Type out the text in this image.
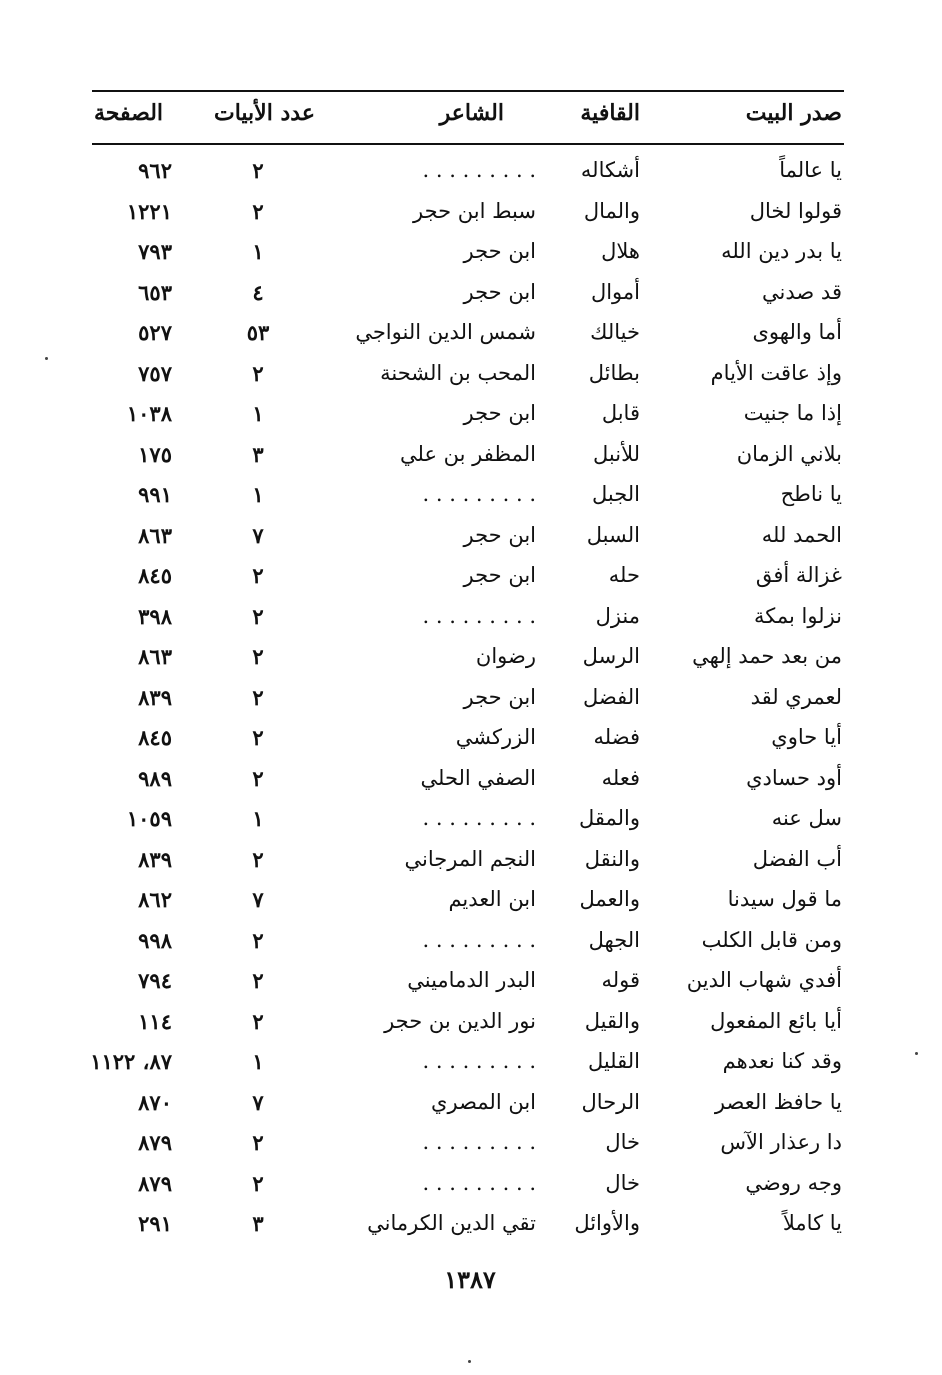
صدر البيت
القافية
الشاعر
عدد الأبيات
الصفحة
يا عالماً
أشكاله
. . . . . . . . .
٢
٩٦٢
قولوا لخال
والمال
سبط ابن حجر
٢
١٢٢١
يا بدر دين الله
هلال
ابن حجر
١
٧٩٣
قد صدني
أموال
ابن حجر
٤
٦٥٣
أما والهوى
خيالك
شمس الدين النواجي
٥٣
٥٢٧
وإذ عاقت الأيام
بطائل
المحب بن الشحنة
٢
٧٥٧
إذا ما جنيت
قابل
ابن حجر
١
١٠٣٨
بلاني الزمان
للأنبل
المظفر بن علي
٣
١٧٥
يا ناطح
الجبل
. . . . . . . . .
١
٩٩١
الحمد لله
السبل
ابن حجر
٧
٨٦٣
غزالة أفق
حله
ابن حجر
٢
٨٤٥
نزلوا بمكة
منزل
. . . . . . . . .
٢
٣٩٨
من بعد حمد إلهي
الرسل
رضوان
٢
٨٦٣
لعمري لقد
الفضل
ابن حجر
٢
٨٣٩
أيا حاوي
فضله
الزركشي
٢
٨٤٥
أود حسادي
فعله
الصفي الحلي
٢
٩٨٩
سل عنه
والمقل
. . . . . . . . .
١
١٠٥٩
أب الفضل
والنقل
النجم المرجاني
٢
٨٣٩
ما قول سيدنا
والعمل
ابن العديم
٧
٨٦٢
ومن قابل الكلب
الجهل
. . . . . . . . .
٢
٩٩٨
أفدي شهاب الدين
قوله
البدر الدماميني
٢
٧٩٤
أيا بائع المفعول
والقيل
نور الدين بن حجر
٢
١١٤
وقد كنا نعدهم
القليل
. . . . . . . . .
١
٨٧، ١١٢٢
يا حافظ العصر
الرحال
ابن المصري
٧
٨٧٠
دا رعذار الآس
خال
. . . . . . . . .
٢
٨٧٩
وجه روضي
خال
. . . . . . . . .
٢
٨٧٩
يا كاملاً
والأوائل
تقي الدين الكرماني
٣
٢٩١
١٣٨٧
